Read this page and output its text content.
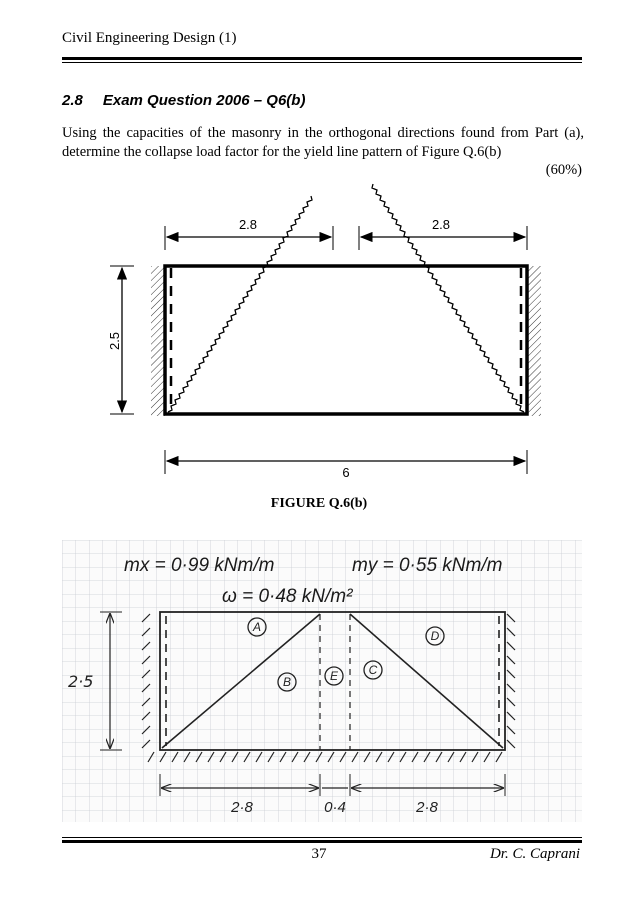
Civil Engineering Design (1)
2.8 Exam Question 2006 – Q6(b)
Using the capacities of the masonry in the orthogonal directions found from Part (a), determine the collapse load factor for the yield line pattern of Figure Q.6(b)
(60%)
2.8	2.8
2.5
6
FIGURE Q.6(b)
mx = 0·99 kNm/m	my = 0·55 kNm/m
ω = 0·48 kN/m²
A
B	E	C
D
2·5
2·8	0·4	2·8
37	Dr. C. Caprani
